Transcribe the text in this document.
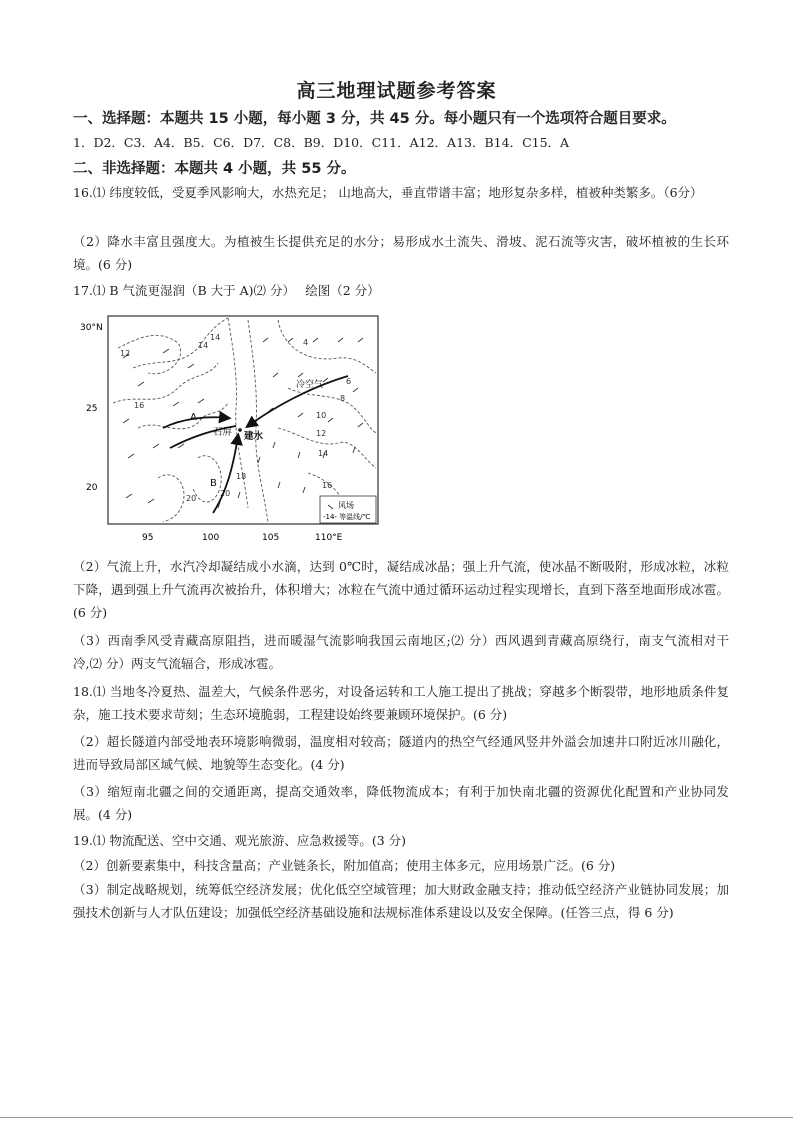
高三地理试题参考答案

一、选择题：本题共 15 小题，每小题 3 分，共 45 分。每小题只有一个选项符合题目要求。

1．D2．C3．A4．B5．C6．D7．C8．B9．D10．C11．A12．A13．B14．C15．A

二、非选择题：本题共 4 小题，共 55 分。

16.⑴ 纬度较低，受夏季风影响大，水热充足； 山地高大，垂直带谱丰富；地形复杂多样，植被种类繁多。（6分）

（2）降水丰富且强度大。为植被生长提供充足的水分；易形成水土流失、滑坡、泥石流等灾害，破坏植被的生长环境。(6 分)

17.⑴ B 气流更湿润（B 大于 A)⑵ 分）　 绘图（2 分）

30°N
25
20
95	100	105	110°E
12
14
14
4
16
6
8
10
12
14
16
18
20
20
A
B
石屏 建水
冷空气
风场
-14- 等温线/℃

（2）气流上升，水汽冷却凝结成小水滴，达到 0℃时，凝结成冰晶；强上升气流，使冰晶不断吸附，形成冰粒，冰粒下降，遇到强上升气流再次被抬升，体积增大；冰粒在气流中通过循环运动过程实现增长，直到下落至地面形成冰雹。(6 分)

（3）西南季风受青藏高原阻挡，进而暖湿气流影响我国云南地区;⑵ 分）西风遇到青藏高原绕行，南支气流相对干冷,⑵ 分）两支气流辐合，形成冰雹。

18.⑴ 当地冬冷夏热、温差大，气候条件恶劣，对设备运转和工人施工提出了挑战；穿越多个断裂带，地形地质条件复杂，施工技术要求苛刻；生态环境脆弱，工程建设始终要兼顾环境保护。(6 分)

（2）超长隧道内部受地表环境影响微弱，温度相对较高；隧道内的热空气经通风竖井外溢会加速井口附近冰川融化，进而导致局部区域气候、地貌等生态变化。(4 分)

（3）缩短南北疆之间的交通距离，提高交通效率，降低物流成本；有利于加快南北疆的资源优化配置和产业协同发展。(4 分)

19.⑴ 物流配送、空中交通、观光旅游、应急救援等。(3 分)

（2）创新要素集中，科技含量高；产业链条长，附加值高；使用主体多元，应用场景广泛。(6 分)

（3）制定战略规划，统筹低空经济发展；优化低空空域管理；加大财政金融支持；推动低空经济产业链协同发展；加强技术创新与人才队伍建设；加强低空经济基础设施和法规标准体系建设以及安全保障。(任答三点，得 6 分)
